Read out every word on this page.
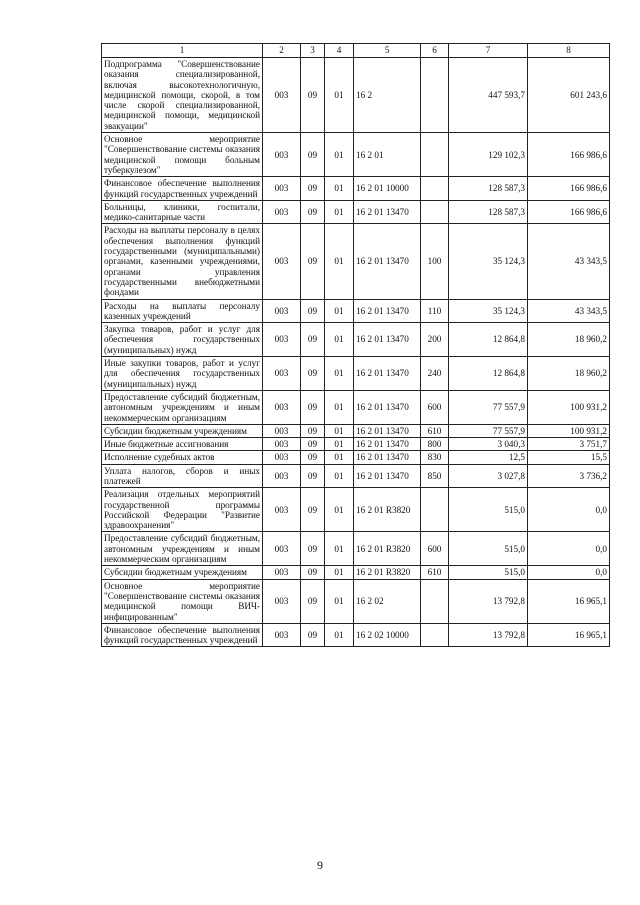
1	2	3	4	5	6	7	8
Подпрограмма "Совершенствование оказания специализированной, включая высокотехнологичную, медицинской помощи, скорой, в том числе скорой специализированной, медицинской помощи, медицинской эвакуации"	003	09	01	16 2		447 593,7	601 243,6
Основное мероприятие "Совершенствование системы оказания медицинской помощи больным туберкулезом"	003	09	01	16 2 01		129 102,3	166 986,6
Финансовое обеспечение выполнения функций государственных учреждений	003	09	01	16 2 01 10000		128 587,3	166 986,6
Больницы, клиники, госпитали, медико-санитарные части	003	09	01	16 2 01 13470		128 587,3	166 986,6
Расходы на выплаты персоналу в целях обеспечения выполнения функций государственными (муниципальными) органами, казенными учреждениями, органами управления государственными внебюджетными фондами	003	09	01	16 2 01 13470	100	35 124,3	43 343,5
Расходы на выплаты персоналу казенных учреждений	003	09	01	16 2 01 13470	110	35 124,3	43 343,5
Закупка товаров, работ и услуг для обеспечения государственных (муниципальных) нужд	003	09	01	16 2 01 13470	200	12 864,8	18 960,2
Иные закупки товаров, работ и услуг для обеспечения государственных (муниципальных) нужд	003	09	01	16 2 01 13470	240	12 864,8	18 960,2
Предоставление субсидий бюджетным, автономным учреждениям и иным некоммерческим организациям	003	09	01	16 2 01 13470	600	77 557,9	100 931,2
Субсидии бюджетным учреждениям	003	09	01	16 2 01 13470	610	77 557,9	100 931,2
Иные бюджетные ассигнования	003	09	01	16 2 01 13470	800	3 040,3	3 751,7
Исполнение судебных актов	003	09	01	16 2 01 13470	830	12,5	15,5
Уплата налогов, сборов и иных платежей	003	09	01	16 2 01 13470	850	3 027,8	3 736,2
Реализация отдельных мероприятий государственной программы Российской Федерации "Развитие здравоохранения"	003	09	01	16 2 01 R3820		515,0	0,0
Предоставление субсидий бюджетным, автономным учреждениям и иным некоммерческим организациям	003	09	01	16 2 01 R3820	600	515,0	0,0
Субсидии бюджетным учреждениям	003	09	01	16 2 01 R3820	610	515,0	0,0
Основное мероприятие "Совершенствование системы оказания медицинской помощи ВИЧ-инфицированным"	003	09	01	16 2 02		13 792,8	16 965,1
Финансовое обеспечение выполнения функций государственных учреждений	003	09	01	16 2 02 10000		13 792,8	16 965,1
9
